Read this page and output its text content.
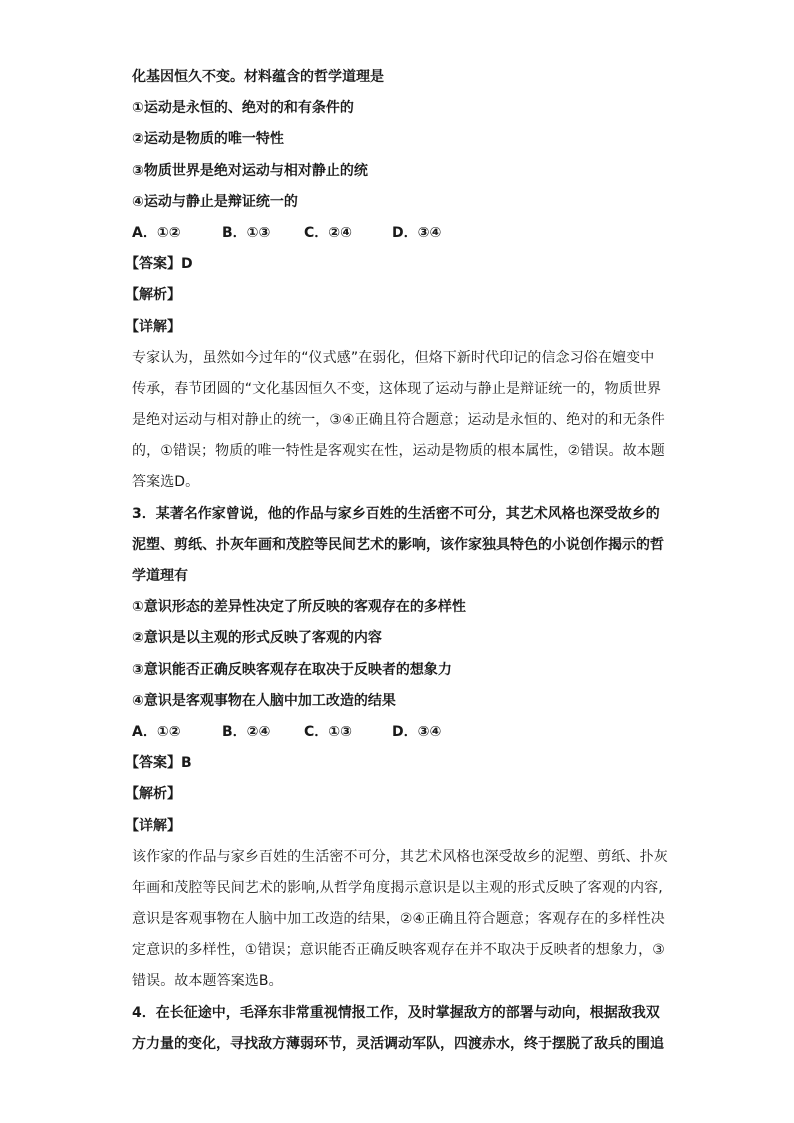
化基因恒久不变。材料蕴含的哲学道理是
①运动是永恒的、绝对的和有条件的
②运动是物质的唯一特性
③物质世界是绝对运动与相对静止的统
④运动与静止是辩证统一的
A．①②	B．①③	C．②④	D．③④
【答案】D
【解析】
【详解】
专家认为，虽然如今过年的“仪式感”在弱化，但烙下新时代印记的信念习俗在嬗变中
传承，春节团圆的“文化基因恒久不变，这体现了运动与静止是辩证统一的，物质世界
是绝对运动与相对静止的统一，③④正确且符合题意；运动是永恒的、绝对的和无条件
的，①错误；物质的唯一特性是客观实在性，运动是物质的根本属性，②错误。故本题
答案选D。
3．某著名作家曾说，他的作品与家乡百姓的生活密不可分，其艺术风格也深受故乡的
泥塑、剪纸、扑灰年画和茂腔等民间艺术的影响，该作家独具特色的小说创作揭示的哲
学道理有
①意识形态的差异性决定了所反映的客观存在的多样性
②意识是以主观的形式反映了客观的内容
③意识能否正确反映客观存在取决于反映者的想象力
④意识是客观事物在人脑中加工改造的结果
A．①②	B．②④	C．①③	D．③④
【答案】B
【解析】
【详解】
该作家的作品与家乡百姓的生活密不可分，其艺术风格也深受故乡的泥塑、剪纸、扑灰
年画和茂腔等民间艺术的影响,从哲学角度揭示意识是以主观的形式反映了客观的内容,
意识是客观事物在人脑中加工改造的结果，②④正确且符合题意；客观存在的多样性决
定意识的多样性，①错误；意识能否正确反映客观存在并不取决于反映者的想象力，③
错误。故本题答案选B。
4．在长征途中，毛泽东非常重视情报工作，及时掌握敌方的部署与动向，根据敌我双
方力量的变化，寻找敌方薄弱环节，灵活调动军队，四渡赤水，终于摆脱了敌兵的围追
